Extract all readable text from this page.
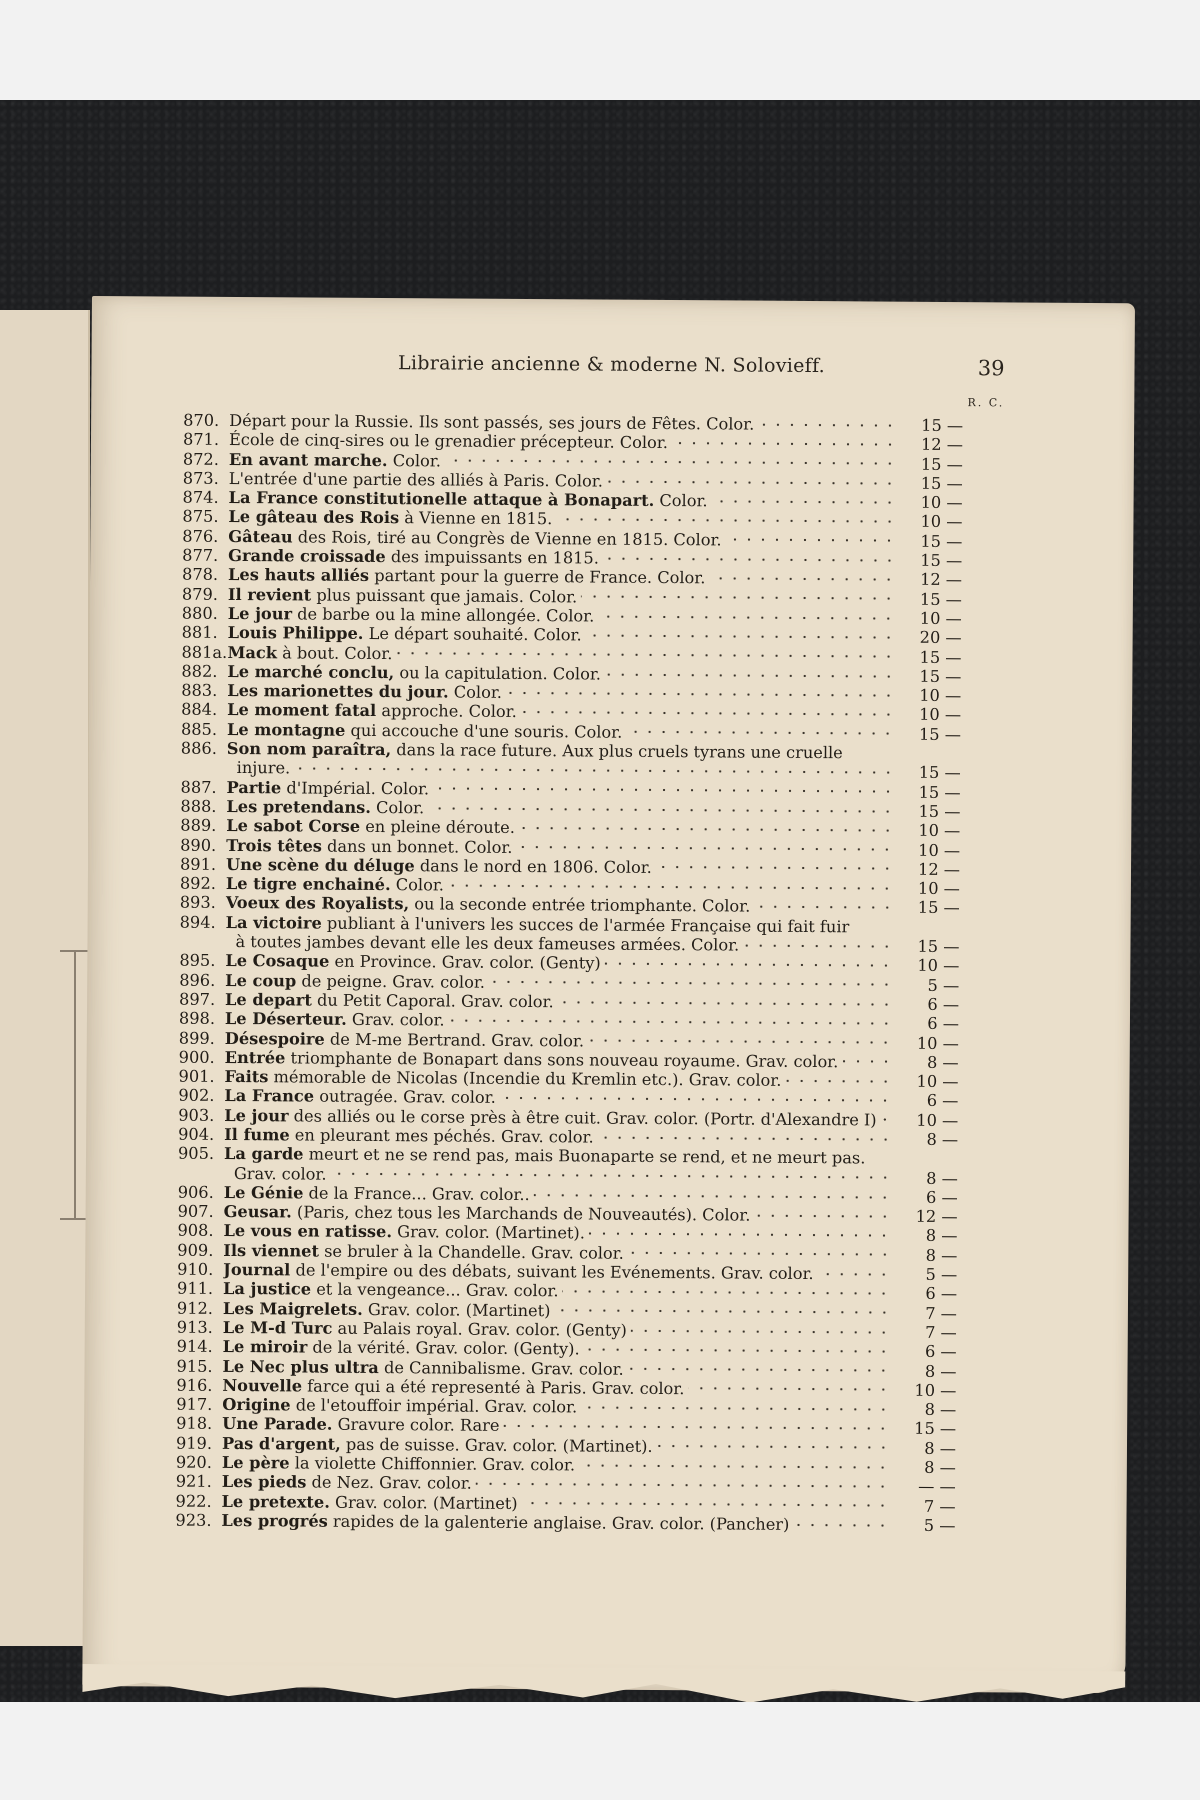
Librairie ancienne & moderne N. Solovieff.	39
R. C.
870. Départ pour la Russie. Ils sont passés, ses jours de Fêtes. Color.	15 —
871. École de cinq-sires ou le grenadier précepteur. Color.	12 —
872. En avant marche. Color.	15 —
873. L'entrée d'une partie des alliés à Paris. Color.	15 —
874. La France constitutionelle attaque à Bonapart. Color.	10 —
875. Le gâteau des Rois à Vienne en 1815.	10 —
876. Gâteau des Rois, tiré au Congrès de Vienne en 1815. Color.	15 —
877. Grande croissade des impuissants en 1815.	15 —
878. Les hauts alliés partant pour la guerre de France. Color.	12 —
879. Il revient plus puissant que jamais. Color.	15 —
880. Le jour de barbe ou la mine allongée. Color.	10 —
881. Louis Philippe. Le départ souhaité. Color.	20 —
881a. Mack à bout. Color.	15 —
882. Le marché conclu, ou la capitulation. Color.	15 —
883. Les marionettes du jour. Color.	10 —
884. Le moment fatal approche. Color.	10 —
885. Le montagne qui accouche d'une souris. Color.	15 —
886. Son nom paraîtra, dans la race future. Aux plus cruels tyrans une cruelle
injure.	15 —
887. Partie d'Impérial. Color.	15 —
888. Les pretendans. Color.	15 —
889. Le sabot Corse en pleine déroute.	10 —
890. Trois têtes dans un bonnet. Color.	10 —
891. Une scène du déluge dans le nord en 1806. Color.	12 —
892. Le tigre enchainé. Color.	10 —
893. Voeux des Royalists, ou la seconde entrée triomphante. Color.	15 —
894. La victoire publiant à l'univers les succes de l'armée Française qui fait fuir
à toutes jambes devant elle les deux fameuses armées. Color.	15 —
895. Le Cosaque en Province. Grav. color. (Genty)	10 —
896. Le coup de peigne. Grav. color.	5 —
897. Le depart du Petit Caporal. Grav. color.	6 —
898. Le Déserteur. Grav. color.	6 —
899. Désespoire de M-me Bertrand. Grav. color.	10 —
900. Entrée triomphante de Bonapart dans sons nouveau royaume. Grav. color.	8 —
901. Faits mémorable de Nicolas (Incendie du Kremlin etc.). Grav. color.	10 —
902. La France outragée. Grav. color.	6 —
903. Le jour des alliés ou le corse près à être cuit. Grav. color. (Portr. d'Alexandre I)	10 —
904. Il fume en pleurant mes péchés. Grav. color.	8 —
905. La garde meurt et ne se rend pas, mais Buonaparte se rend, et ne meurt pas.
Grav. color.	8 —
906. Le Génie de la France... Grav. color..	6 —
907. Geusar. (Paris, chez tous les Marchands de Nouveautés). Color.	12 —
908. Le vous en ratisse. Grav. color. (Martinet).	8 —
909. Ils viennet se bruler à la Chandelle. Grav. color.	8 —
910. Journal de l'empire ou des débats, suivant les Evénements. Grav. color.	5 —
911. La justice et la vengeance... Grav. color.	6 —
912. Les Maigrelets. Grav. color. (Martinet)	7 —
913. Le M-d Turc au Palais royal. Grav. color. (Genty)	7 —
914. Le miroir de la vérité. Grav. color. (Genty).	6 —
915. Le Nec plus ultra de Cannibalisme. Grav. color.	8 —
916. Nouvelle farce qui a été representé à Paris. Grav. color.	10 —
917. Origine de l'etouffoir impérial. Grav. color.	8 —
918. Une Parade. Gravure color. Rare	15 —
919. Pas d'argent, pas de suisse. Grav. color. (Martinet).	8 —
920. Le père la violette Chiffonnier. Grav. color.	8 —
921. Les pieds de Nez. Grav. color.	— —
922. Le pretexte. Grav. color. (Martinet)	7 —
923. Les progrés rapides de la galenterie anglaise. Grav. color. (Pancher)	5 —
